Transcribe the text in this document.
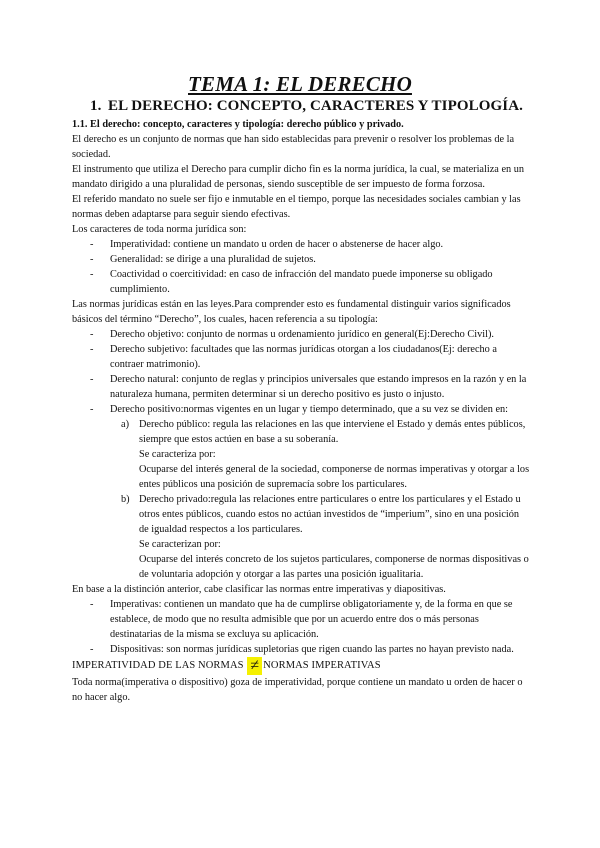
TEMA 1: EL DERECHO
1. EL DERECHO: CONCEPTO, CARACTERES Y TIPOLOGÍA.

1.1. El derecho: concepto, caracteres y tipología: derecho público y privado.

El derecho es un conjunto de normas que han sido establecidas para prevenir o resolver los problemas de la sociedad.

El instrumento que utiliza el Derecho para cumplir dicho fin es la norma jurídica, la cual, se materializa en un mandato dirigido a una pluralidad de personas, siendo susceptible de ser impuesto de forma forzosa.

El referido mandato no suele ser fijo e inmutable en el tiempo, porque las necesidades sociales cambian y las normas deben adaptarse para seguir siendo efectivas.

Los caracteres de toda norma jurídica son:

- Imperatividad: contiene un mandato u orden de hacer o abstenerse de hacer algo.
- Generalidad: se dirige a una pluralidad de sujetos.
- Coactividad o coercitividad: en caso de infracción del mandato puede imponerse su obligado cumplimiento.

Las normas jurídicas están en las leyes.Para comprender esto es fundamental distinguir varios significados básicos del término “Derecho”, los cuales, hacen referencia a su tipología:

- Derecho objetivo: conjunto de normas u ordenamiento jurídico en general(Ej:Derecho Civil).
- Derecho subjetivo: facultades que las normas jurídicas otorgan a los ciudadanos(Ej: derecho a contraer matrimonio).
- Derecho natural: conjunto de reglas y principios universales que estando impresos en la razón y en la naturaleza humana, permiten determinar si un derecho positivo es justo o injusto.
- Derecho positivo:normas vigentes en un lugar y tiempo determinado, que a su vez se dividen en:
a) Derecho público: regula las relaciones en las que interviene el Estado y demás entes públicos, siempre que estos actúen en base a su soberanía.
Se caracteriza por:
Ocuparse del interés general de la sociedad, componerse de normas imperativas y otorgar a los entes públicos una posición de supremacía sobre los particulares.
b) Derecho privado:regula las relaciones entre particulares o entre los particulares y el Estado u otros entes públicos, cuando estos no actúan investidos de “imperium”, sino en una posición de igualdad respectos a los particulares.
Se caracterizan por:
Ocuparse del interés concreto de los sujetos particulares, componerse de normas dispositivas o de voluntaria adopción y otorgar a las partes una posición igualitaria.

En base a la distinción anterior, cabe clasificar las normas entre imperativas y diapositivas.

- Imperativas: contienen un mandato que ha de cumplirse obligatoriamente y, de la forma en que se establece, de modo que no resulta admisible que por un acuerdo entre dos o más personas destinatarias de la misma se excluya su aplicación.
- Dispositivas: son normas jurídicas supletorias que rigen cuando las partes no hayan previsto nada.

IMPERATIVIDAD DE LAS NORMAS ≠ NORMAS IMPERATIVAS

Toda norma(imperativa o dispositivo) goza de imperatividad, porque contiene un mandato u orden de hacer o no hacer algo.
